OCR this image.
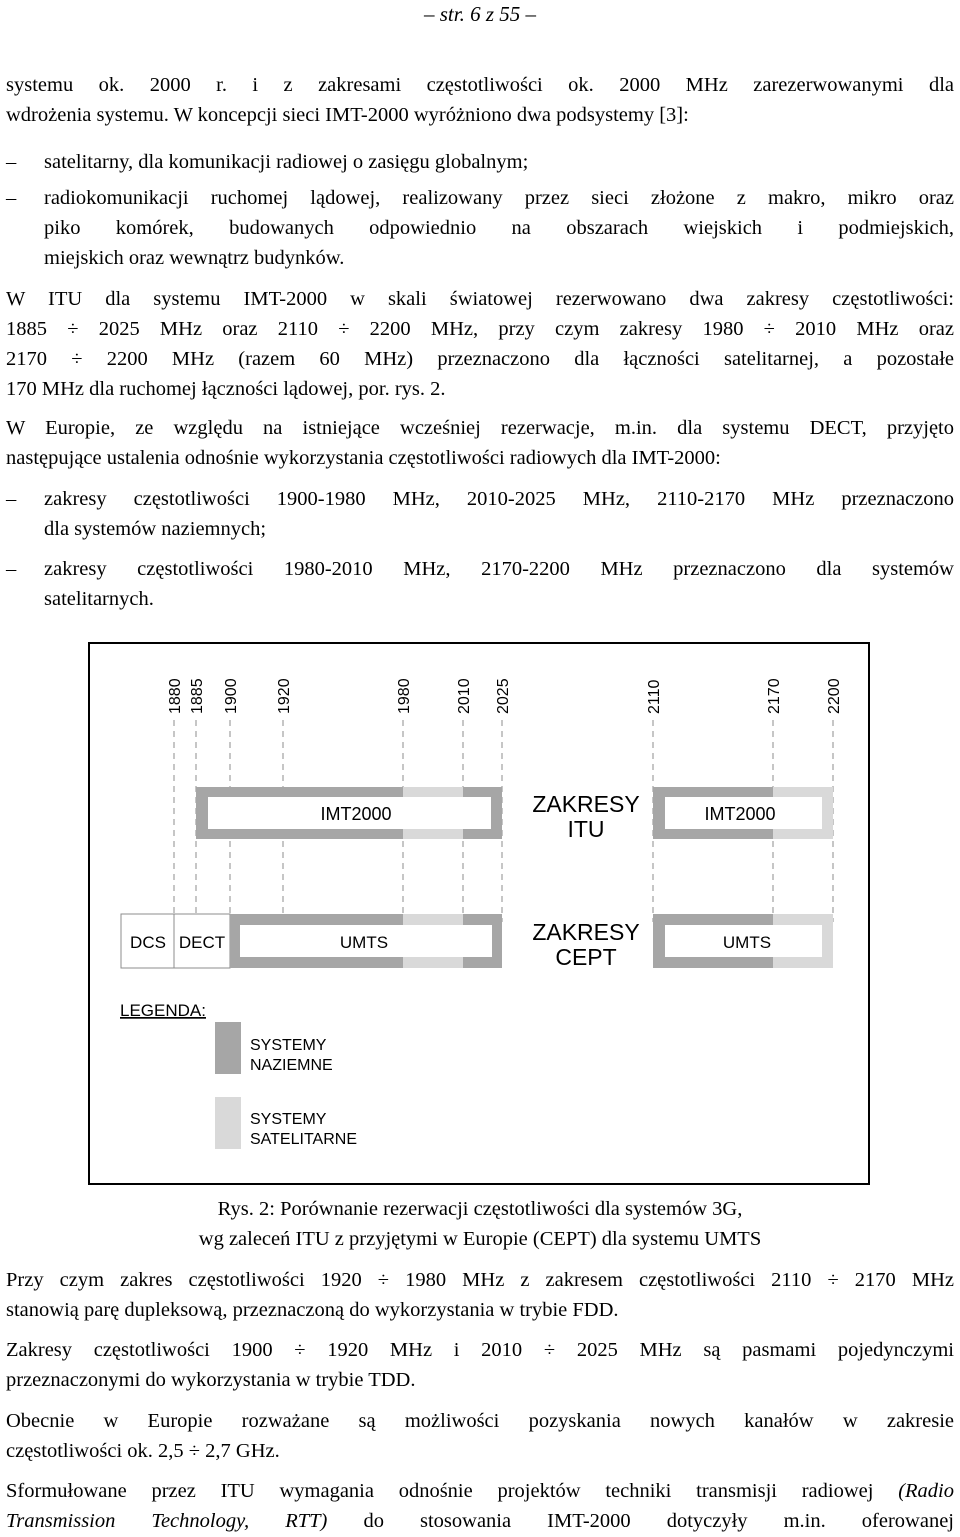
– str. 6 z 55 –
systemu ok. 2000 r. i z zakresami częstotliwości ok. 2000 MHz zarezerwowanymi dla
wdrożenia systemu. W koncepcji sieci IMT-2000 wyróżniono dwa podsystemy [3]:
–	satelitarny, dla komunikacji radiowej o zasięgu globalnym;
–	radiokomunikacji ruchomej lądowej, realizowany przez sieci złożone z makro, mikro oraz
piko komórek, budowanych odpowiednio na obszarach wiejskich i podmiejskich,
miejskich oraz wewnątrz budynków.
W ITU dla systemu IMT-2000 w skali światowej rezerwowano dwa zakresy częstotliwości:
1885 ÷ 2025 MHz oraz 2110 ÷ 2200 MHz, przy czym zakresy 1980 ÷ 2010 MHz oraz
2170 ÷ 2200 MHz (razem 60 MHz) przeznaczono dla łączności satelitarnej, a pozostałe
170 MHz dla ruchomej łączności lądowej, por. rys. 2.
W Europie, ze względu na istniejące wcześniej rezerwacje, m.in. dla systemu DECT, przyjęto
następujące ustalenia odnośnie wykorzystania częstotliwości radiowych dla IMT-2000:
–	zakresy częstotliwości 1900-1980 MHz, 2010-2025 MHz, 2110-2170 MHz przeznaczono
dla systemów naziemnych;
–	zakresy częstotliwości 1980-2010 MHz, 2170-2200 MHz przeznaczono dla systemów
satelitarnych.
1880 1885 1900 1920	1980	2010 2025	2110	2170	2200
IMT2000	ZAKRESY
ITU
IMT2000
DCS DECT	UMTS	ZAKRESY
CEPT
UMTS
LEGENDA:
SYSTEMY
NAZIEMNE
SYSTEMY
SATELITARNE
Rys. 2: Porównanie rezerwacji częstotliwości dla systemów 3G,
wg zaleceń ITU z przyjętymi w Europie (CEPT) dla systemu UMTS
Przy czym zakres częstotliwości 1920 ÷ 1980 MHz z zakresem częstotliwości 2110 ÷ 2170 MHz
stanowią parę dupleksową, przeznaczoną do wykorzystania w trybie FDD.
Zakresy częstotliwości 1900 ÷ 1920 MHz i 2010 ÷ 2025 MHz są pasmami pojedynczymi
przeznaczonymi do wykorzystania w trybie TDD.
Obecnie w Europie rozważane są możliwości pozyskania nowych kanałów w zakresie
częstotliwości ok. 2,5 ÷ 2,7 GHz.
Sformułowane przez ITU wymagania odnośnie projektów techniki transmisji radiowej (Radio
Transmission Technology, RTT) do stosowania IMT-2000 dotyczyły m.in. oferowanej
